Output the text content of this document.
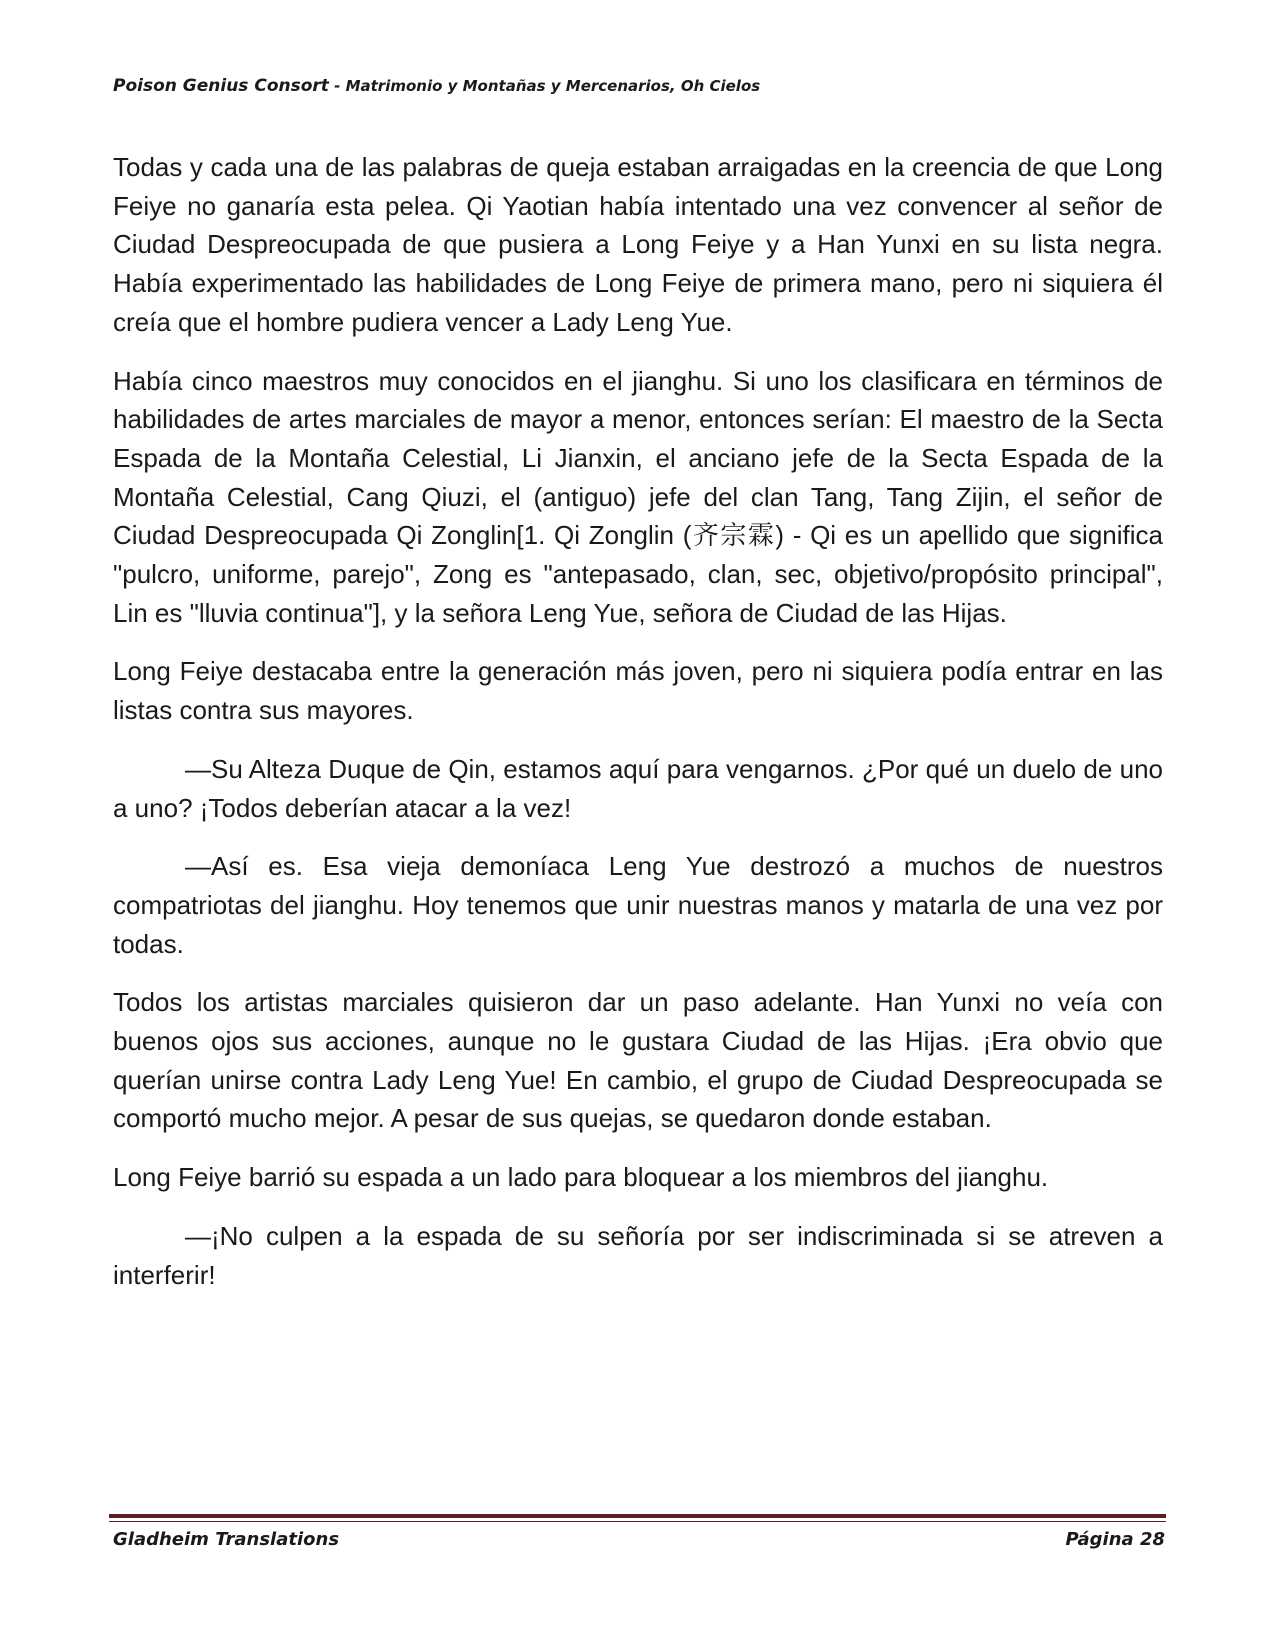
Poison Genius Consort - Matrimonio y Montañas y Mercenarios, Oh Cielos

Todas y cada una de las palabras de queja estaban arraigadas en la creencia de que Long Feiye no ganaría esta pelea. Qi Yaotian había intentado una vez convencer al señor de Ciudad Despreocupada de que pusiera a Long Feiye y a Han Yunxi en su lista negra. Había experimentado las habilidades de Long Feiye de primera mano, pero ni siquiera él creía que el hombre pudiera vencer a Lady Leng Yue.

Había cinco maestros muy conocidos en el jianghu. Si uno los clasificara en términos de habilidades de artes marciales de mayor a menor, entonces serían: El maestro de la Secta Espada de la Montaña Celestial, Li Jianxin, el anciano jefe de la Secta Espada de la Montaña Celestial, Cang Qiuzi, el (antiguo) jefe del clan Tang, Tang Zijin, el señor de Ciudad Despreocupada Qi Zonglin[1. Qi Zonglin (齐宗霖) - Qi es un apellido que significa "pulcro, uniforme, parejo", Zong es "antepasado, clan, sec, objetivo/propósito principal", Lin es "lluvia continua"], y la señora Leng Yue, señora de Ciudad de las Hijas.

Long Feiye destacaba entre la generación más joven, pero ni siquiera podía entrar en las listas contra sus mayores.

—Su Alteza Duque de Qin, estamos aquí para vengarnos. ¿Por qué un duelo de uno a uno? ¡Todos deberían atacar a la vez!

—Así es. Esa vieja demoníaca Leng Yue destrozó a muchos de nuestros compatriotas del jianghu. Hoy tenemos que unir nuestras manos y matarla de una vez por todas.

Todos los artistas marciales quisieron dar un paso adelante. Han Yunxi no veía con buenos ojos sus acciones, aunque no le gustara Ciudad de las Hijas. ¡Era obvio que querían unirse contra Lady Leng Yue! En cambio, el grupo de Ciudad Despreocupada se comportó mucho mejor. A pesar de sus quejas, se quedaron donde estaban.

Long Feiye barrió su espada a un lado para bloquear a los miembros del jianghu.

—¡No culpen a la espada de su señoría por ser indiscriminada si se atreven a interferir!

Gladheim Translations	Página 28
